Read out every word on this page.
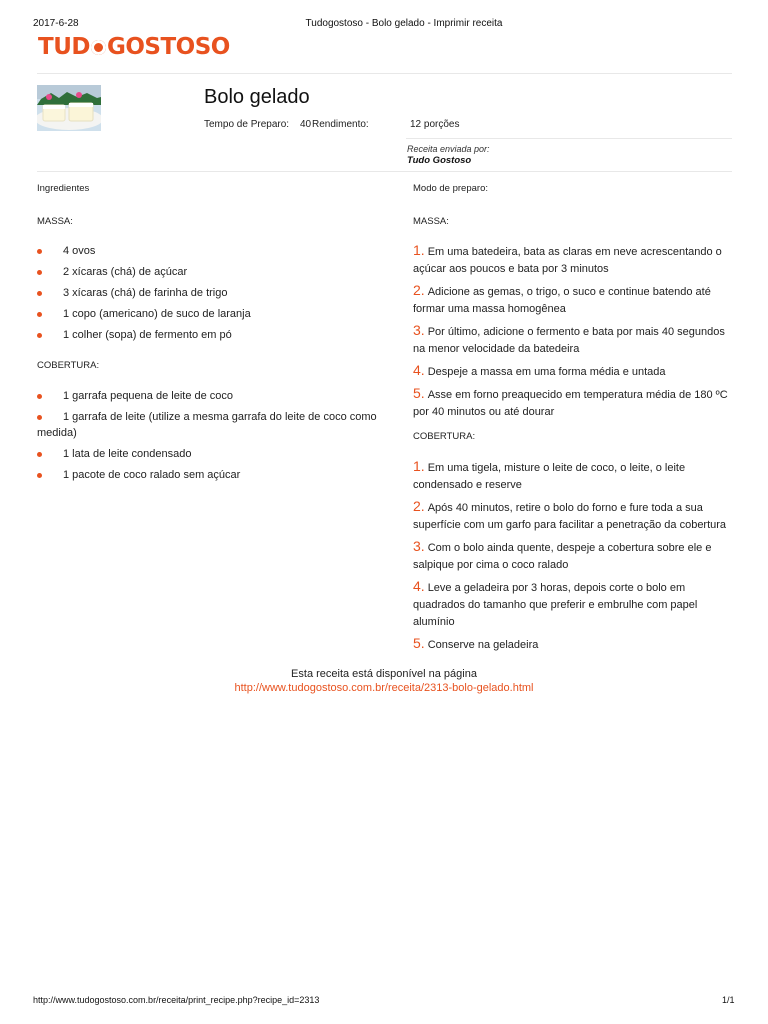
2017-6-28	Tudogostoso - Bolo gelado - Imprimir receita
TUD GOSTOSO
Bolo gelado
Tempo de Preparo: 40 Rendimento:	12 porções
Receita enviada por:
Tudo Gostoso
Ingredientes
MASSA:
4 ovos
2 xícaras (chá) de açúcar
3 xícaras (chá) de farinha de trigo
1 copo (americano) de suco de laranja
1 colher (sopa) de fermento em pó
COBERTURA:
1 garrafa pequena de leite de coco
1 garrafa de leite (utilize a mesma garrafa do leite de coco como medida)
1 lata de leite condensado
1 pacote de coco ralado sem açúcar
Modo de preparo:
MASSA:
1. Em uma batedeira, bata as claras em neve acrescentando o açúcar aos poucos e bata por 3 minutos
2. Adicione as gemas, o trigo, o suco e continue batendo até formar uma massa homogênea
3. Por último, adicione o fermento e bata por mais 40 segundos na menor velocidade da batedeira
4. Despeje a massa em uma forma média e untada
5. Asse em forno preaquecido em temperatura média de 180 ºC por 40 minutos ou até dourar
COBERTURA:
1. Em uma tigela, misture o leite de coco, o leite, o leite condensado e reserve
2. Após 40 minutos, retire o bolo do forno e fure toda a sua superfície com um garfo para facilitar a penetração da cobertura
3. Com o bolo ainda quente, despeje a cobertura sobre ele e salpique por cima o coco ralado
4. Leve a geladeira por 3 horas, depois corte o bolo em quadrados do tamanho que preferir e embrulhe com papel alumínio
5. Conserve na geladeira
Esta receita está disponível na página
http://www.tudogostoso.com.br/receita/2313-bolo-gelado.html
http://www.tudogostoso.com.br/receita/print_recipe.php?recipe_id=2313	1/1
